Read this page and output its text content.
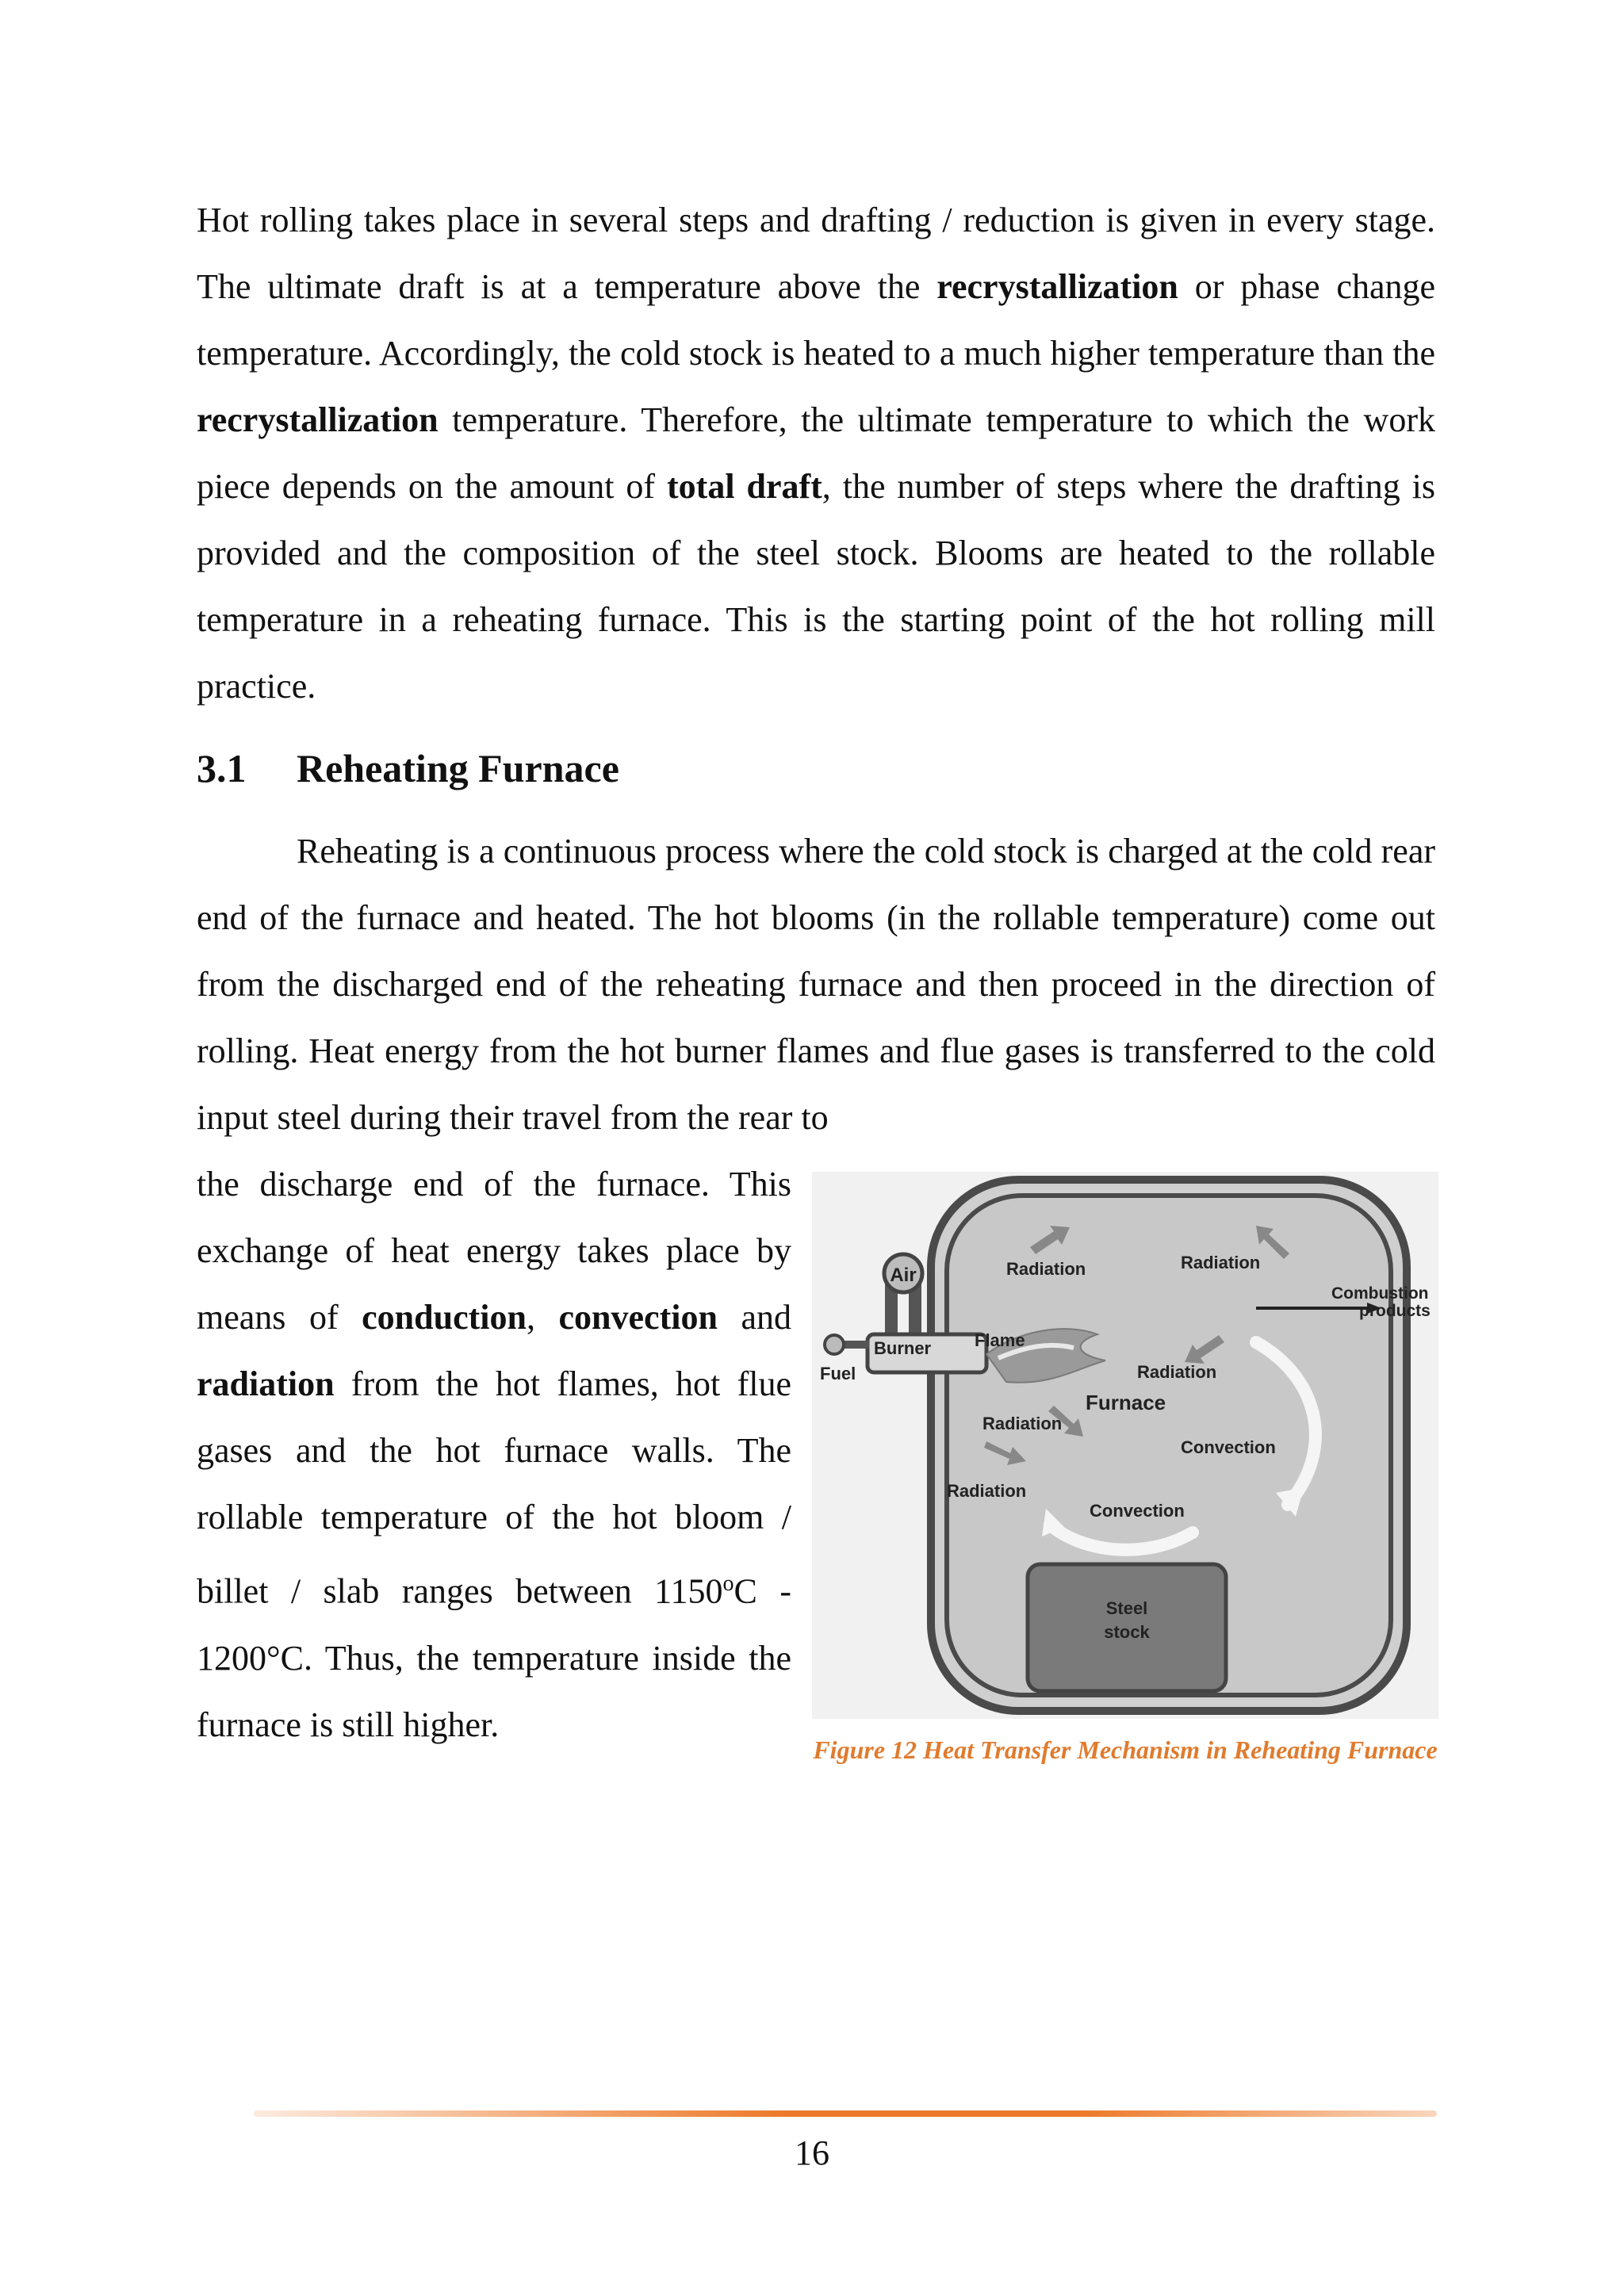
Hot rolling takes place in several steps and drafting / reduction is given in every stage. The ultimate draft is at a temperature above the recrystallization or phase change temperature. Accordingly, the cold stock is heated to a much higher temperature than the recrystallization temperature. Therefore, the ultimate temperature to which the work piece depends on the amount of total draft, the number of steps where the drafting is provided and the composition of the steel stock. Blooms are heated to the rollable temperature in a reheating furnace. This is the starting point of the hot rolling mill practice.

3.1 Reheating Furnace

Reheating is a continuous process where the cold stock is charged at the cold rear end of the furnace and heated. The hot blooms (in the rollable temperature) come out from the discharged end of the reheating furnace and then proceed in the direction of rolling. Heat energy from the hot burner flames and flue gases is transferred to the cold input steel during their travel from the rear to

the discharge end of the furnace. This exchange of heat energy takes place by means of conduction, convection and radiation from the hot flames, hot flue gases and the hot furnace walls. The rollable temperature of the hot bloom / billet / slab ranges between 1150$^o$C - 1200°C. Thus, the temperature inside the furnace is still higher.

Air
Burner
Fuel
Flame
Radiation	Radiation
Radiation
Radiation
Radiation
Furnace
Convection
Convection
Combustion
products
Steel
stock
Figure 12 Heat Transfer Mechanism in Reheating Furnace
16
